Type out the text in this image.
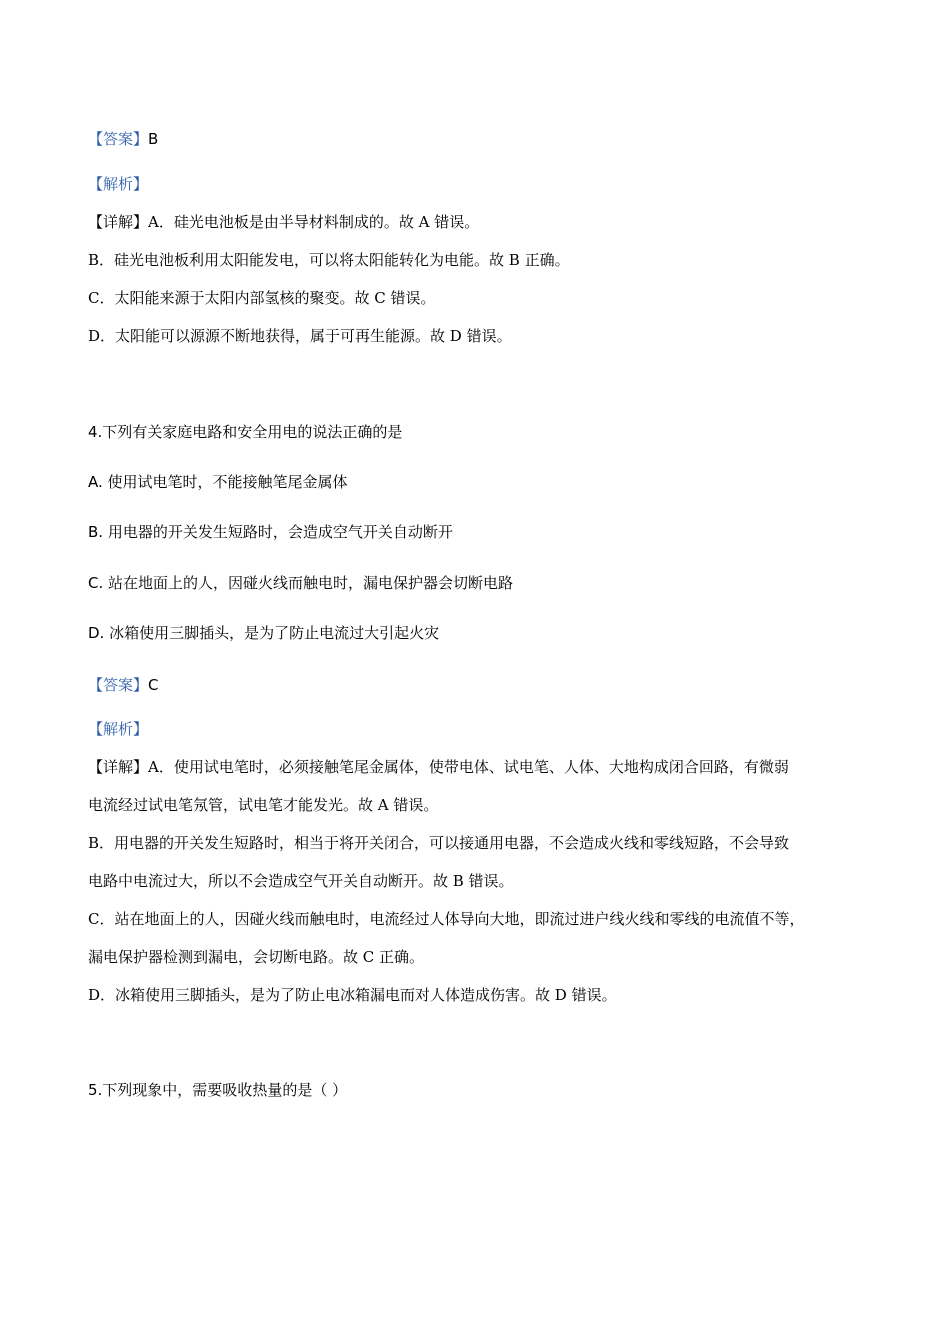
【答案】B
【解析】
【详解】A．硅光电池板是由半导材料制成的。故 A 错误。
B．硅光电池板利用太阳能发电，可以将太阳能转化为电能。故 B 正确。
C．太阳能来源于太阳内部氢核的聚变。故 C 错误。
D．太阳能可以源源不断地获得，属于可再生能源。故 D 错误。
4.下列有关家庭电路和安全用电的说法正确的是
A. 使用试电笔时，不能接触笔尾金属体
B. 用电器的开关发生短路时，会造成空气开关自动断开
C. 站在地面上的人，因碰火线而触电时，漏电保护器会切断电路
D. 冰箱使用三脚插头，是为了防止电流过大引起火灾
【答案】C
【解析】
【详解】A．使用试电笔时，必须接触笔尾金属体，使带电体、试电笔、人体、大地构成闭合回路，有微弱
电流经过试电笔氖管，试电笔才能发光。故 A 错误。
B．用电器的开关发生短路时，相当于将开关闭合，可以接通用电器，不会造成火线和零线短路，不会导致
电路中电流过大，所以不会造成空气开关自动断开。故 B 错误。
C．站在地面上的人，因碰火线而触电时，电流经过人体导向大地，即流过进户线火线和零线的电流值不等，
漏电保护器检测到漏电，会切断电路。故 C 正确。
D．冰箱使用三脚插头，是为了防止电冰箱漏电而对人体造成伤害。故 D 错误。
5.下列现象中，需要吸收热量的是（ ）
